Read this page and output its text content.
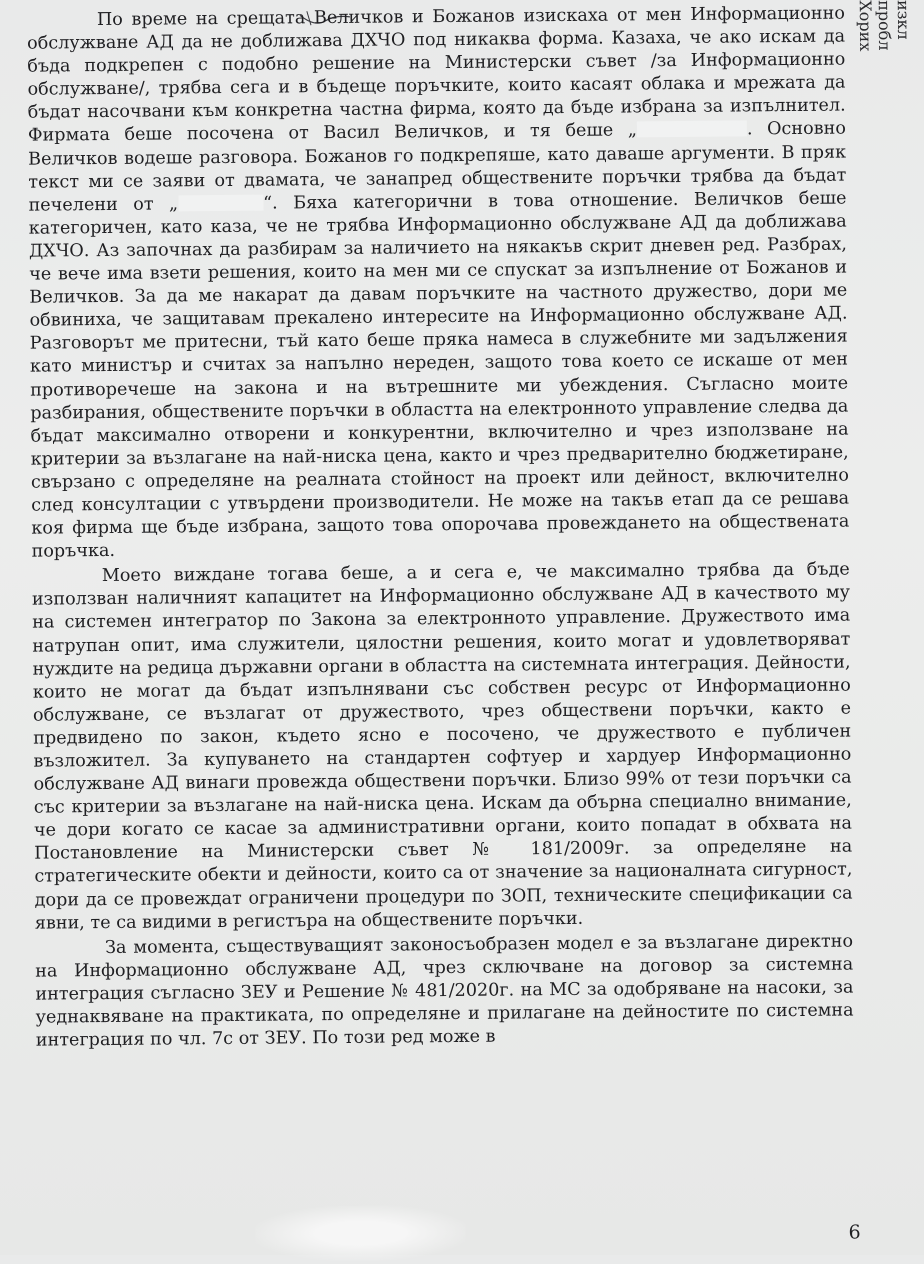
По време на срещата Величков и Божанов изискаха от мен Информационно обслужване АД да не доближава ДХЧО под никаква форма. Казаха, че ако искам да бъда подкрепен с подобно решение на Министерски съвет /за Информационно обслужване/, трябва сега и в бъдеще поръчките, които касаят облака и мрежата да бъдат насочвани към конкретна частна фирма, която да бъде избрана за изпълнител. Фирмата беше посочена от Васил Величков, и тя беше „	. Основно Величков водеше разговора. Божанов го подкрепяше, като даваше аргументи. В пряк текст ми се заяви от двамата, че занапред обществените поръчки трябва да бъдат печелени от „	“. Бяха категорични в това отношение. Величков беше категоричен, като каза, че не трябва Информационно обслужване АД да доближава ДХЧО. Аз започнах да разбирам за наличието на някакъв скрит дневен ред. Разбрах, че вече има взети решения, които на мен ми се спускат за изпълнение от Божанов и Величков. За да ме накарат да давам поръчките на частното дружество, дори ме обвиниха, че защитавам прекалено интересите на Информационно обслужване АД. Разговорът ме притесни, тъй като беше пряка намеса в служебните ми задължения като министър и считах за напълно нередeн, защото това което се искаше от мен противоречеше на закона и на вътрешните ми убеждения. Съгласно моите разбирания, обществените поръчки в областта на електронното управление следва да бъдат максимално отворени и конкурентни, включително и чрез използване на критерии за възлагане на най-ниска цена, както и чрез предварително бюджетиране, свързано с определяне на реалната стойност на проект или дейност, включително след консултации с утвърдени производители. Не може на такъв етап да се решава коя фирма ще бъде избрана, защото това опорочава провеждането на обществената поръчка.

Моето виждане тогава беше, а и сега е, че максимално трябва да бъде използван наличният капацитет на Информационно обслужване АД в качеството му на системен интегратор по Закона за електронното управление. Дружеството има натрупан опит, има служители, цялостни решения, които могат и удовлетворяват нуждите на редица държавни органи в областта на системната интеграция. Дейности, които не могат да бъдат изпълнявани със собствен ресурс от Информационно обслужване, се възлагат от дружеството, чрез обществени поръчки, както е предвидено по закон, където ясно е посочено, че дружеството е публичен възложител. За купуването на стандартен софтуер и хардуер Информационно обслужване АД винаги провежда обществени поръчки. Близо 99% от тези поръчки са със критерии за възлагане на най-ниска цена. Искам да обърна специално внимание, че дори когато се касае за административни органи, които попадат в обхвата на Постановление на Министерски съвет № 181/2009г. за определяне на стратегическите обекти и дейности, които са от значение за националната сигурност, дори да се провеждат ограничени процедури по ЗОП, техническите спецификации са явни, те са видими в регистъра на обществените поръчки.

За момента, съществуващият законосъобразен модел е за възлагане директно на Информационно обслужване АД, чрез сключване на договор за системна интеграция съгласно ЗЕУ и Решение № 481/2020г. на МС за одобряване на насоки, за уеднаквяване на практиката, по определяне и прилагане на дейностите по системна интеграция по чл. 7с от ЗЕУ. По този ред може в

изкл
пробл
Хорих
6
